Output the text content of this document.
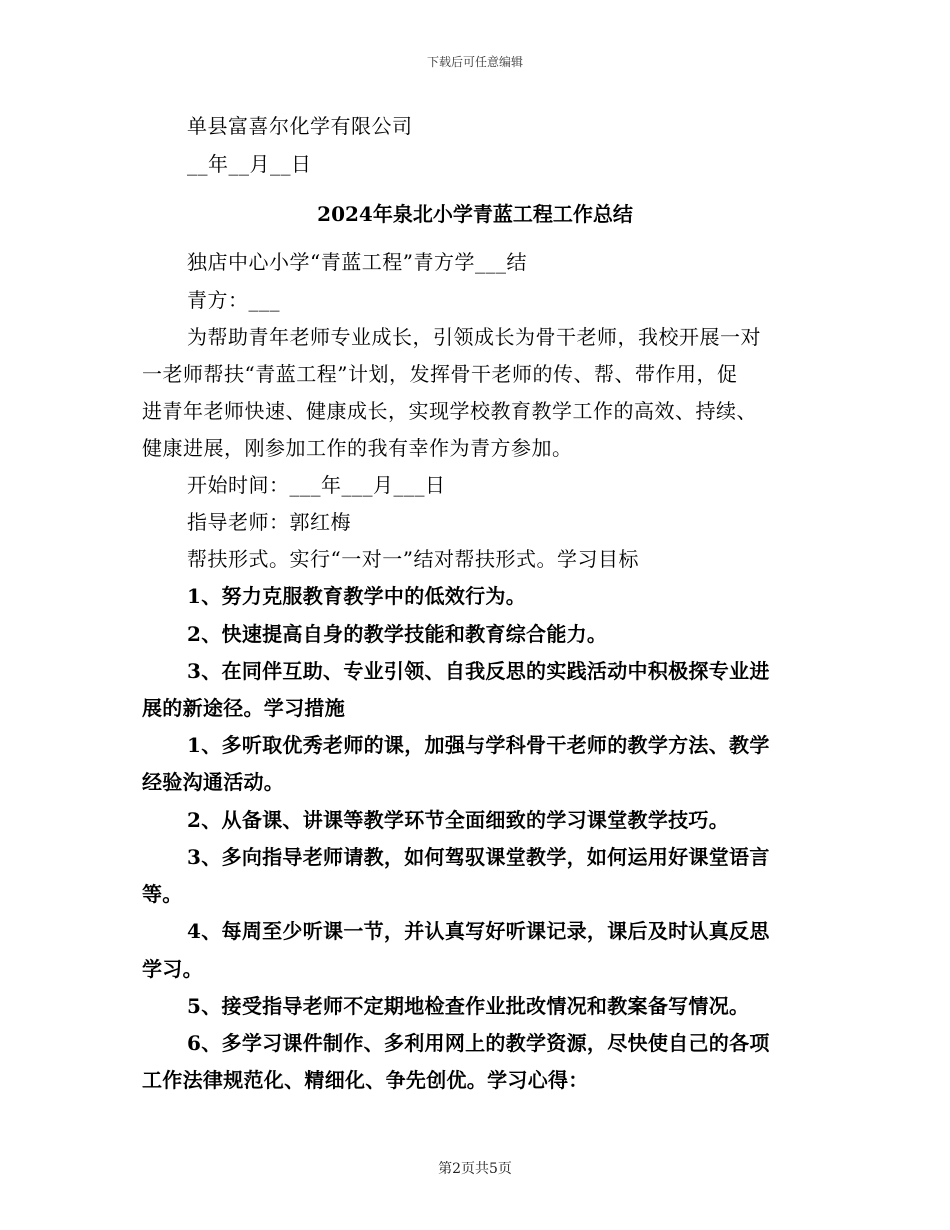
下载后可任意编辑
单县富喜尔化学有限公司
__年__月__日
2024年泉北小学青蓝工程工作总结
独店中心小学“青蓝工程”青方学___结
青方：___
为帮助青年老师专业成长，引领成长为骨干老师，我校开展一对
一老师帮扶“青蓝工程”计划，发挥骨干老师的传、帮、带作用，促
进青年老师快速、健康成长，实现学校教育教学工作的高效、持续、
健康进展，刚参加工作的我有幸作为青方参加。
开始时间：___年___月___日
指导老师：郭红梅
帮扶形式。实行“一对一”结对帮扶形式。学习目标
1、努力克服教育教学中的低效行为。
2、快速提高自身的教学技能和教育综合能力。
3、在同伴互助、专业引领、自我反思的实践活动中积极探专业进
展的新途径。学习措施
1、多听取优秀老师的课，加强与学科骨干老师的教学方法、教学
经验沟通活动。
2、从备课、讲课等教学环节全面细致的学习课堂教学技巧。
3、多向指导老师请教，如何驾驭课堂教学，如何运用好课堂语言
等。
4、每周至少听课一节，并认真写好听课记录，课后及时认真反思
学习。
5、接受指导老师不定期地检查作业批改情况和教案备写情况。
6、多学习课件制作、多利用网上的教学资源，尽快使自己的各项
工作法律规范化、精细化、争先创优。学习心得：
第2页共5页
